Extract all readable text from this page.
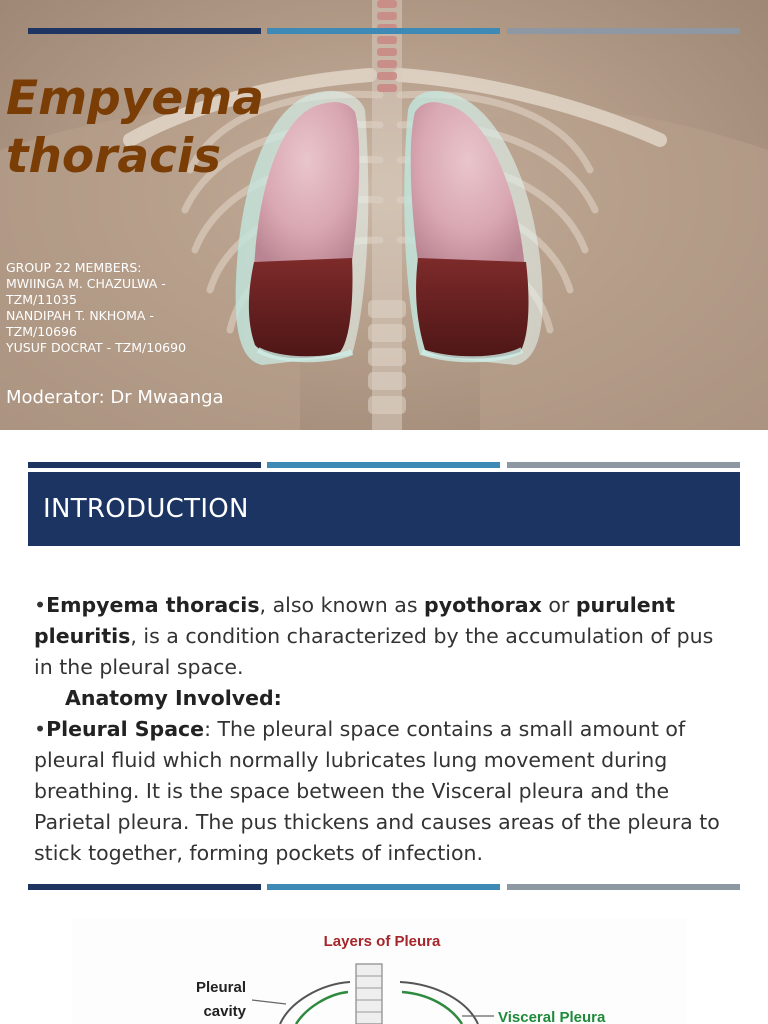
Empyema
thoracis
GROUP 22 MEMBERS:
MWIINGA M. CHAZULWA - TZM/11035
NANDIPAH T. NKHOMA - TZM/10696
YUSUF DOCRAT - TZM/10690
Moderator: Dr Mwaanga
INTRODUCTION
•Empyema thoracis, also known as pyothorax or purulent pleuritis, is a condition characterized by the accumulation of pus in the pleural space.
Anatomy Involved:
•Pleural Space: The pleural space contains a small amount of pleural fluid which normally lubricates lung movement during breathing. It is the space between the Visceral pleura and the Parietal pleura. The pus thickens and causes areas of the pleura to stick together, forming pockets of infection.
Layers of Pleura
Pleural
cavity	Visceral Pleura
